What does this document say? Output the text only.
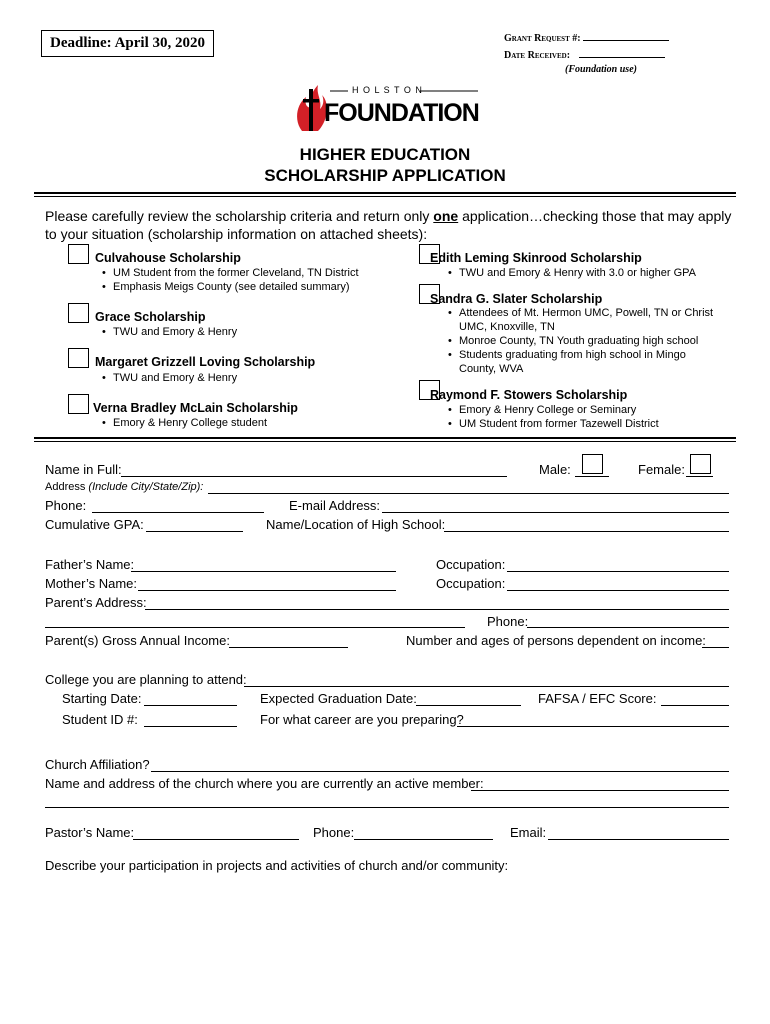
Deadline: April 30, 2020	Grant Request #:
Date Received:
(Foundation use)
H O L S T O N
FOUNDATION
HIGHER EDUCATION
SCHOLARSHIP APPLICATION
Please carefully review the scholarship criteria and return only one application…checking those that may apply to your situation (scholarship information on attached sheets):
Culvahouse Scholarship
• UM Student from the former Cleveland, TN District
• Emphasis Meigs County (see detailed summary)
Grace Scholarship
• TWU and Emory & Henry
Margaret Grizzell Loving Scholarship
• TWU and Emory & Henry
Verna Bradley McLain Scholarship
• Emory & Henry College student
Edith Leming Skinrood Scholarship
• TWU and Emory & Henry with 3.0 or higher GPA
Sandra G. Slater Scholarship
• Attendees of Mt. Hermon UMC, Powell, TN or Christ UMC, Knoxville, TN
• Monroe County, TN Youth graduating high school
• Students graduating from high school in Mingo County, WVA
Raymond F. Stowers Scholarship
• Emory & Henry College or Seminary
• UM Student from former Tazewell District
Name in Full:	Male:	Female:
Address (Include City/State/Zip):
Phone:	E-mail Address:
Cumulative GPA:	Name/Location of High School:
Father’s Name:	Occupation:
Mother’s Name:	Occupation:
Parent’s Address:
Phone:
Parent(s) Gross Annual Income:	Number and ages of persons dependent on income:
College you are planning to attend:
Starting Date:	Expected Graduation Date:	FAFSA / EFC Score:
Student ID #:	For what career are you preparing?
Church Affiliation?
Name and address of the church where you are currently an active member:
Pastor’s Name:	Phone:	Email:
Describe your participation in projects and activities of church and/or community:
